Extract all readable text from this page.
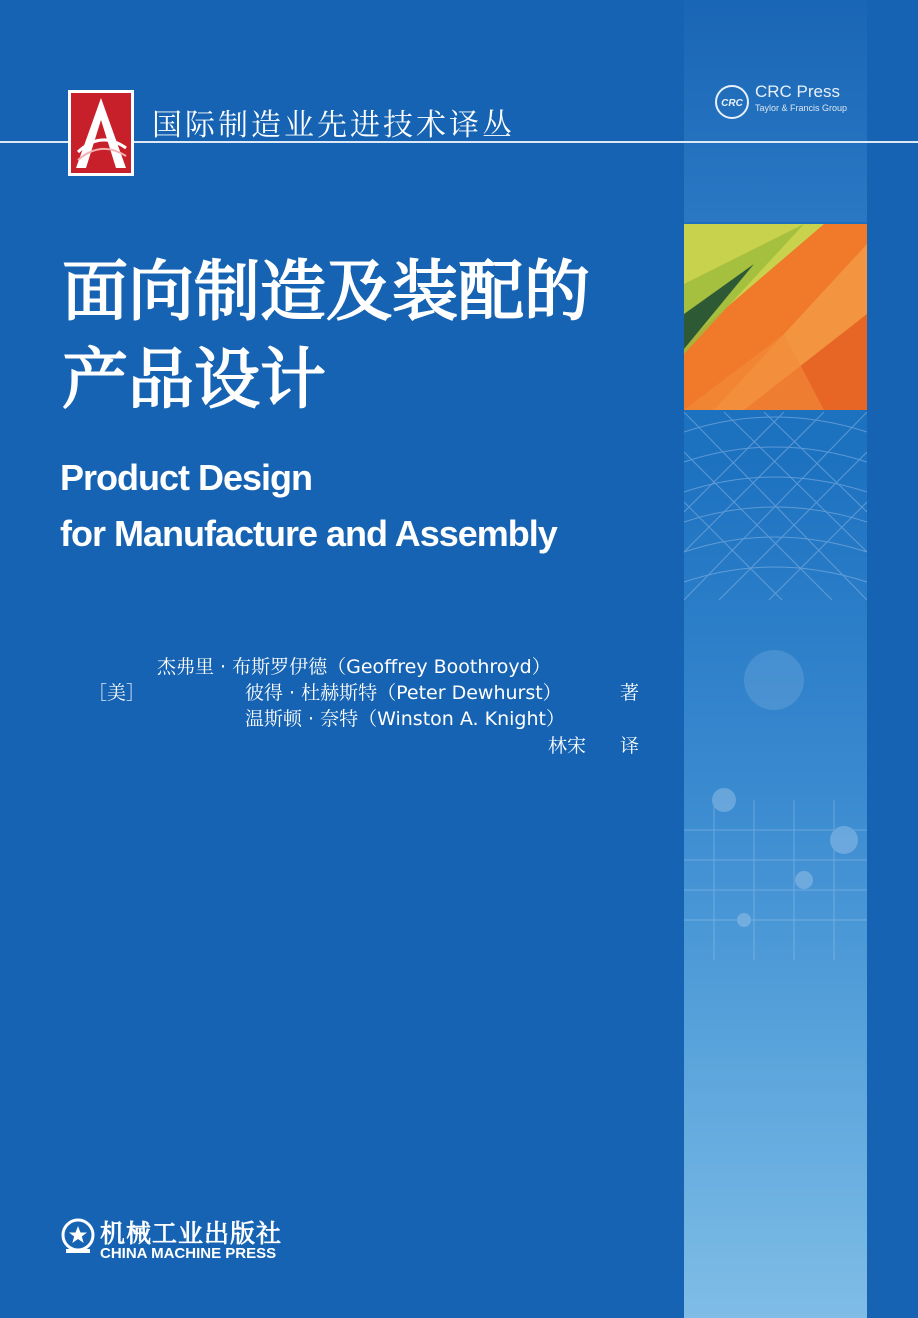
国际制造业先进技术译丛
CRC
CRC Press
Taylor & Francis Group
面向制造及装配的
产品设计
Product Design
for Manufacture and Assembly
杰弗里 · 布斯罗伊德（Geoffrey Boothroyd）
［美］	彼得 · 杜赫斯特（Peter Dewhurst）	著
温斯顿 · 奈特（Winston A. Knight）
林宋 译
机械工业出版社
CHINA MACHINE PRESS
